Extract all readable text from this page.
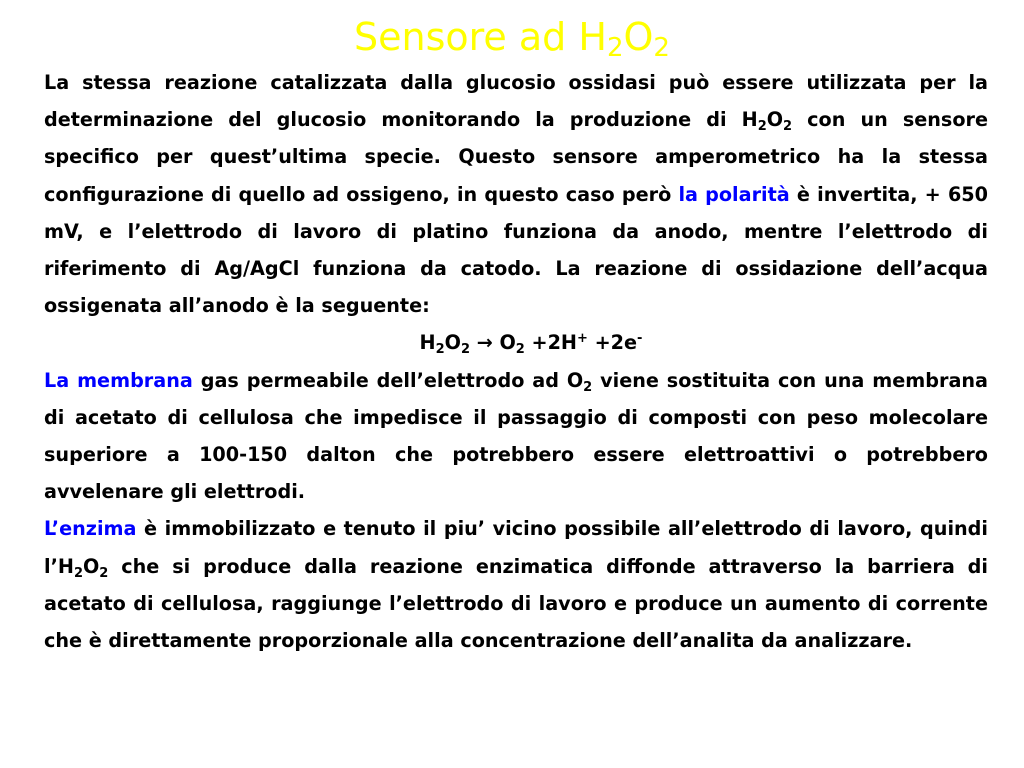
Sensore ad $H_2O_2$

La stessa reazione catalizzata dalla glucosio ossidasi può essere utilizzata per la determinazione del glucosio monitorando la produzione di $H_2O_2$ con un sensore specifico per quest’ultima specie. Questo sensore amperometrico ha la stessa configurazione di quello ad ossigeno, in questo caso però la polarità è invertita, + 650 mV, e l’elettrodo di lavoro di platino funziona da anodo, mentre l’elettrodo di riferimento di Ag/AgCl funziona da catodo. La reazione di ossidazione dell’acqua ossigenata all’anodo è la seguente:

$H_2O_2 \to O_2 +2H^+ +2e^-$

La membrana gas permeabile dell’elettrodo ad $O_2$ viene sostituita con una membrana di acetato di cellulosa che impedisce il passaggio di composti con peso molecolare superiore a 100-150 dalton che potrebbero essere elettroattivi o potrebbero avvelenare gli elettrodi.

L’enzima è immobilizzato e tenuto il piu’ vicino possibile all’elettrodo di lavoro, quindi $l’H_2O_2$ che si produce dalla reazione enzimatica diffonde attraverso la barriera di acetato di cellulosa, raggiunge l’elettrodo di lavoro e produce un aumento di corrente che è direttamente proporzionale alla concentrazione dell’analita da analizzare.
